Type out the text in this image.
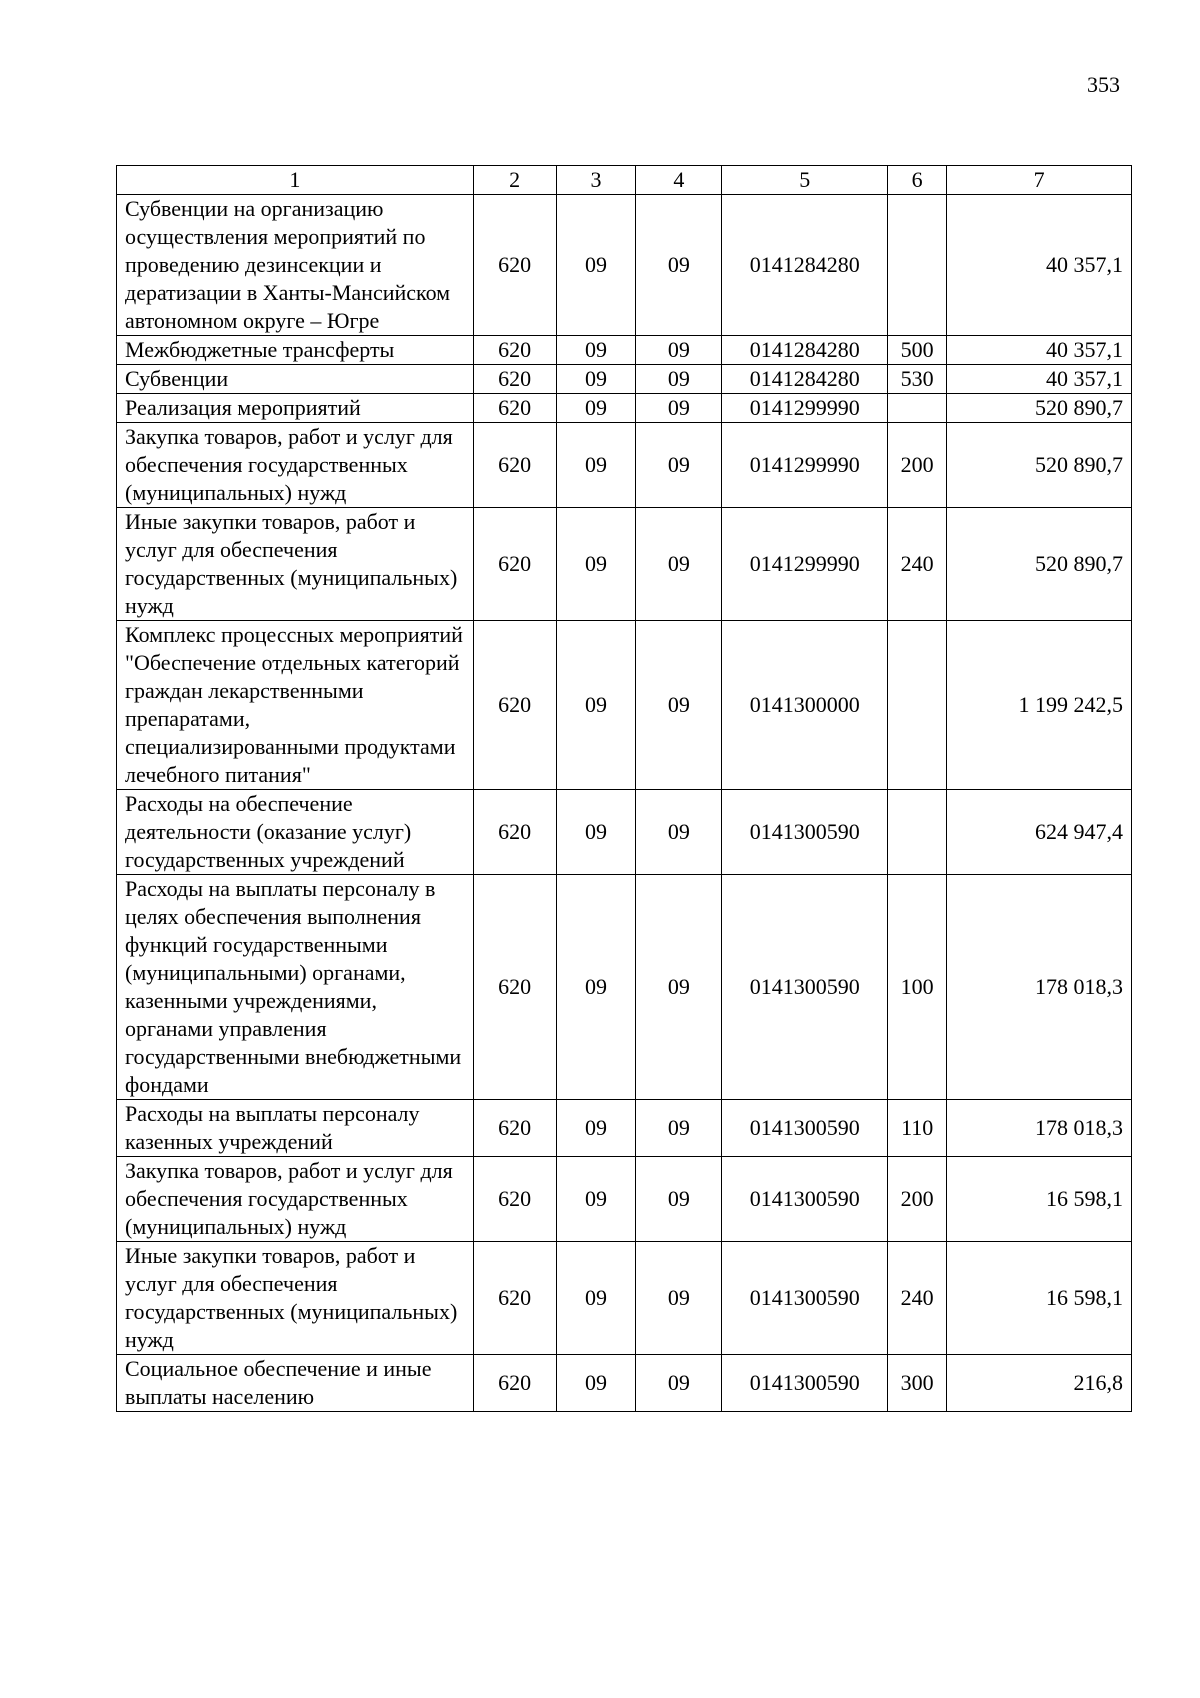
353
1	2	3	4	5	6	7
Субвенции на организацию осуществления мероприятий по проведению дезинсекции и дератизации в Ханты-Мансийском автономном округе – Югре	620	09	09	0141284280		40 357,1
Межбюджетные трансферты	620	09	09	0141284280	500	40 357,1
Субвенции	620	09	09	0141284280	530	40 357,1
Реализация мероприятий	620	09	09	0141299990		520 890,7
Закупка товаров, работ и услуг для обеспечения государственных (муниципальных) нужд	620	09	09	0141299990	200	520 890,7
Иные закупки товаров, работ и услуг для обеспечения государственных (муниципальных) нужд	620	09	09	0141299990	240	520 890,7
Комплекс процессных мероприятий "Обеспечение отдельных категорий граждан лекарственными препаратами, специализированными продуктами лечебного питания"	620	09	09	0141300000		1 199 242,5
Расходы на обеспечение деятельности (оказание услуг) государственных учреждений	620	09	09	0141300590		624 947,4
Расходы на выплаты персоналу в целях обеспечения выполнения функций государственными (муниципальными) органами, казенными учреждениями, органами управления государственными внебюджетными фондами	620	09	09	0141300590	100	178 018,3
Расходы на выплаты персоналу казенных учреждений	620	09	09	0141300590	110	178 018,3
Закупка товаров, работ и услуг для обеспечения государственных (муниципальных) нужд	620	09	09	0141300590	200	16 598,1
Иные закупки товаров, работ и услуг для обеспечения государственных (муниципальных) нужд	620	09	09	0141300590	240	16 598,1
Социальное обеспечение и иные выплаты населению	620	09	09	0141300590	300	216,8
